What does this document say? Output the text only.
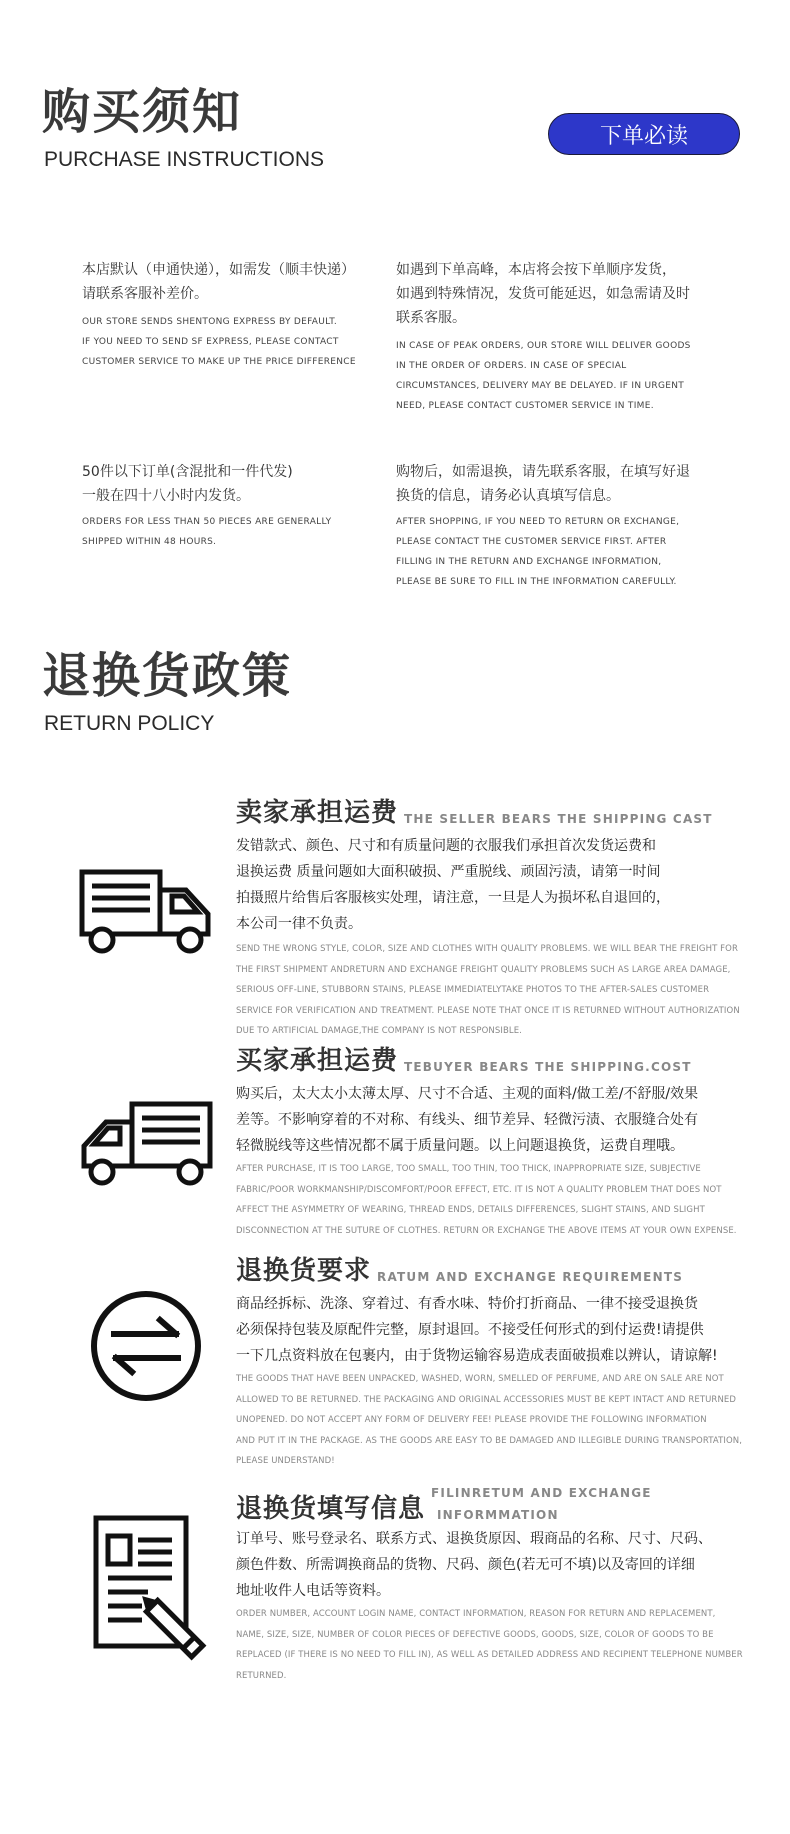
购买须知
PURCHASE INSTRUCTIONS
下单必读
本店默认（申通快递），如需发（顺丰快递）
请联系客服补差价。
OUR STORE SENDS SHENTONG EXPRESS BY DEFAULT.
IF YOU NEED TO SEND SF EXPRESS, PLEASE CONTACT
CUSTOMER SERVICE TO MAKE UP THE PRICE DIFFERENCE
如遇到下单高峰，本店将会按下单顺序发货，
如遇到特殊情况，发货可能延迟，如急需请及时
联系客服。
IN CASE OF PEAK ORDERS, OUR STORE WILL DELIVER GOODS
IN THE ORDER OF ORDERS. IN CASE OF SPECIAL
CIRCUMSTANCES, DELIVERY MAY BE DELAYED. IF IN URGENT
NEED, PLEASE CONTACT CUSTOMER SERVICE IN TIME.
50件以下订单(含混批和一件代发)
一般在四十八小时内发货。
ORDERS FOR LESS THAN 50 PIECES ARE GENERALLY
SHIPPED WITHIN 48 HOURS.
购物后，如需退换，请先联系客服，在填写好退
换货的信息，请务必认真填写信息。
AFTER SHOPPING, IF YOU NEED TO RETURN OR EXCHANGE,
PLEASE CONTACT THE CUSTOMER SERVICE FIRST. AFTER
FILLING IN THE RETURN AND EXCHANGE INFORMATION,
PLEASE BE SURE TO FILL IN THE INFORMATION CAREFULLY.
退换货政策
RETURN POLICY
卖家承担运费 THE SELLER BEARS THE SHIPPING CAST
发错款式、颜色、尺寸和有质量问题的衣服我们承担首次发货运费和
退换运费 质量问题如大面积破损、严重脱线、顽固污渍，请第一时间
拍摄照片给售后客服核实处理，请注意，一旦是人为损坏私自退回的，
本公司一律不负责。
SEND THE WRONG STYLE, COLOR, SIZE AND CLOTHES WITH QUALITY PROBLEMS. WE WILL BEAR THE FREIGHT FOR
THE FIRST SHIPMENT ANDRETURN AND EXCHANGE FREIGHT QUALITY PROBLEMS SUCH AS LARGE AREA DAMAGE,
SERIOUS OFF-LINE, STUBBORN STAINS, PLEASE IMMEDIATELYTAKE PHOTOS TO THE AFTER-SALES CUSTOMER
SERVICE FOR VERIFICATION AND TREATMENT. PLEASE NOTE THAT ONCE IT IS RETURNED WITHOUT AUTHORIZATION
DUE TO ARTIFICIAL DAMAGE,THE COMPANY IS NOT RESPONSIBLE.
买家承担运费 TEBUYER BEARS THE SHIPPING.COST
购买后，太大太小太薄太厚、尺寸不合适、主观的面料/做工差/不舒服/效果
差等。不影响穿着的不对称、有线头、细节差异、轻微污渍、衣服缝合处有
轻微脱线等这些情况都不属于质量问题。以上问题退换货，运费自理哦。
AFTER PURCHASE, IT IS TOO LARGE, TOO SMALL, TOO THIN, TOO THICK, INAPPROPRIATE SIZE, SUBJECTIVE
FABRIC/POOR WORKMANSHIP/DISCOMFORT/POOR EFFECT, ETC. IT IS NOT A QUALITY PROBLEM THAT DOES NOT
AFFECT THE ASYMMETRY OF WEARING, THREAD ENDS, DETAILS DIFFERENCES, SLIGHT STAINS, AND SLIGHT
DISCONNECTION AT THE SUTURE OF CLOTHES. RETURN OR EXCHANGE THE ABOVE ITEMS AT YOUR OWN EXPENSE.
退换货要求 RATUM AND EXCHANGE REQUIREMENTS
商品经拆标、洗涤、穿着过、有香水味、特价打折商品、一律不接受退换货
必须保持包装及原配件完整，原封退回。不接受任何形式的到付运费!请提供
一下几点资料放在包裹内，由于货物运输容易造成表面破损难以辨认，请谅解!
THE GOODS THAT HAVE BEEN UNPACKED, WASHED, WORN, SMELLED OF PERFUME, AND ARE ON SALE ARE NOT
ALLOWED TO BE RETURNED. THE PACKAGING AND ORIGINAL ACCESSORIES MUST BE KEPT INTACT AND RETURNED
UNOPENED. DO NOT ACCEPT ANY FORM OF DELIVERY FEE! PLEASE PROVIDE THE FOLLOWING INFORMATION
AND PUT IT IN THE PACKAGE. AS THE GOODS ARE EASY TO BE DAMAGED AND ILLEGIBLE DURING TRANSPORTATION,
PLEASE UNDERSTAND!
退换货填写信息
FILINRETUM AND EXCHANGE
INFORMMATION
订单号、账号登录名、联系方式、退换货原因、瑕商品的名称、尺寸、尺码、
颜色件数、所需调换商品的货物、尺码、颜色(若无可不填)以及寄回的详细
地址收件人电话等资料。
ORDER NUMBER, ACCOUNT LOGIN NAME, CONTACT INFORMATION, REASON FOR RETURN AND REPLACEMENT,
NAME, SIZE, SIZE, NUMBER OF COLOR PIECES OF DEFECTIVE GOODS, GOODS, SIZE, COLOR OF GOODS TO BE
REPLACED (IF THERE IS NO NEED TO FILL IN), AS WELL AS DETAILED ADDRESS AND RECIPIENT TELEPHONE NUMBER
RETURNED.
